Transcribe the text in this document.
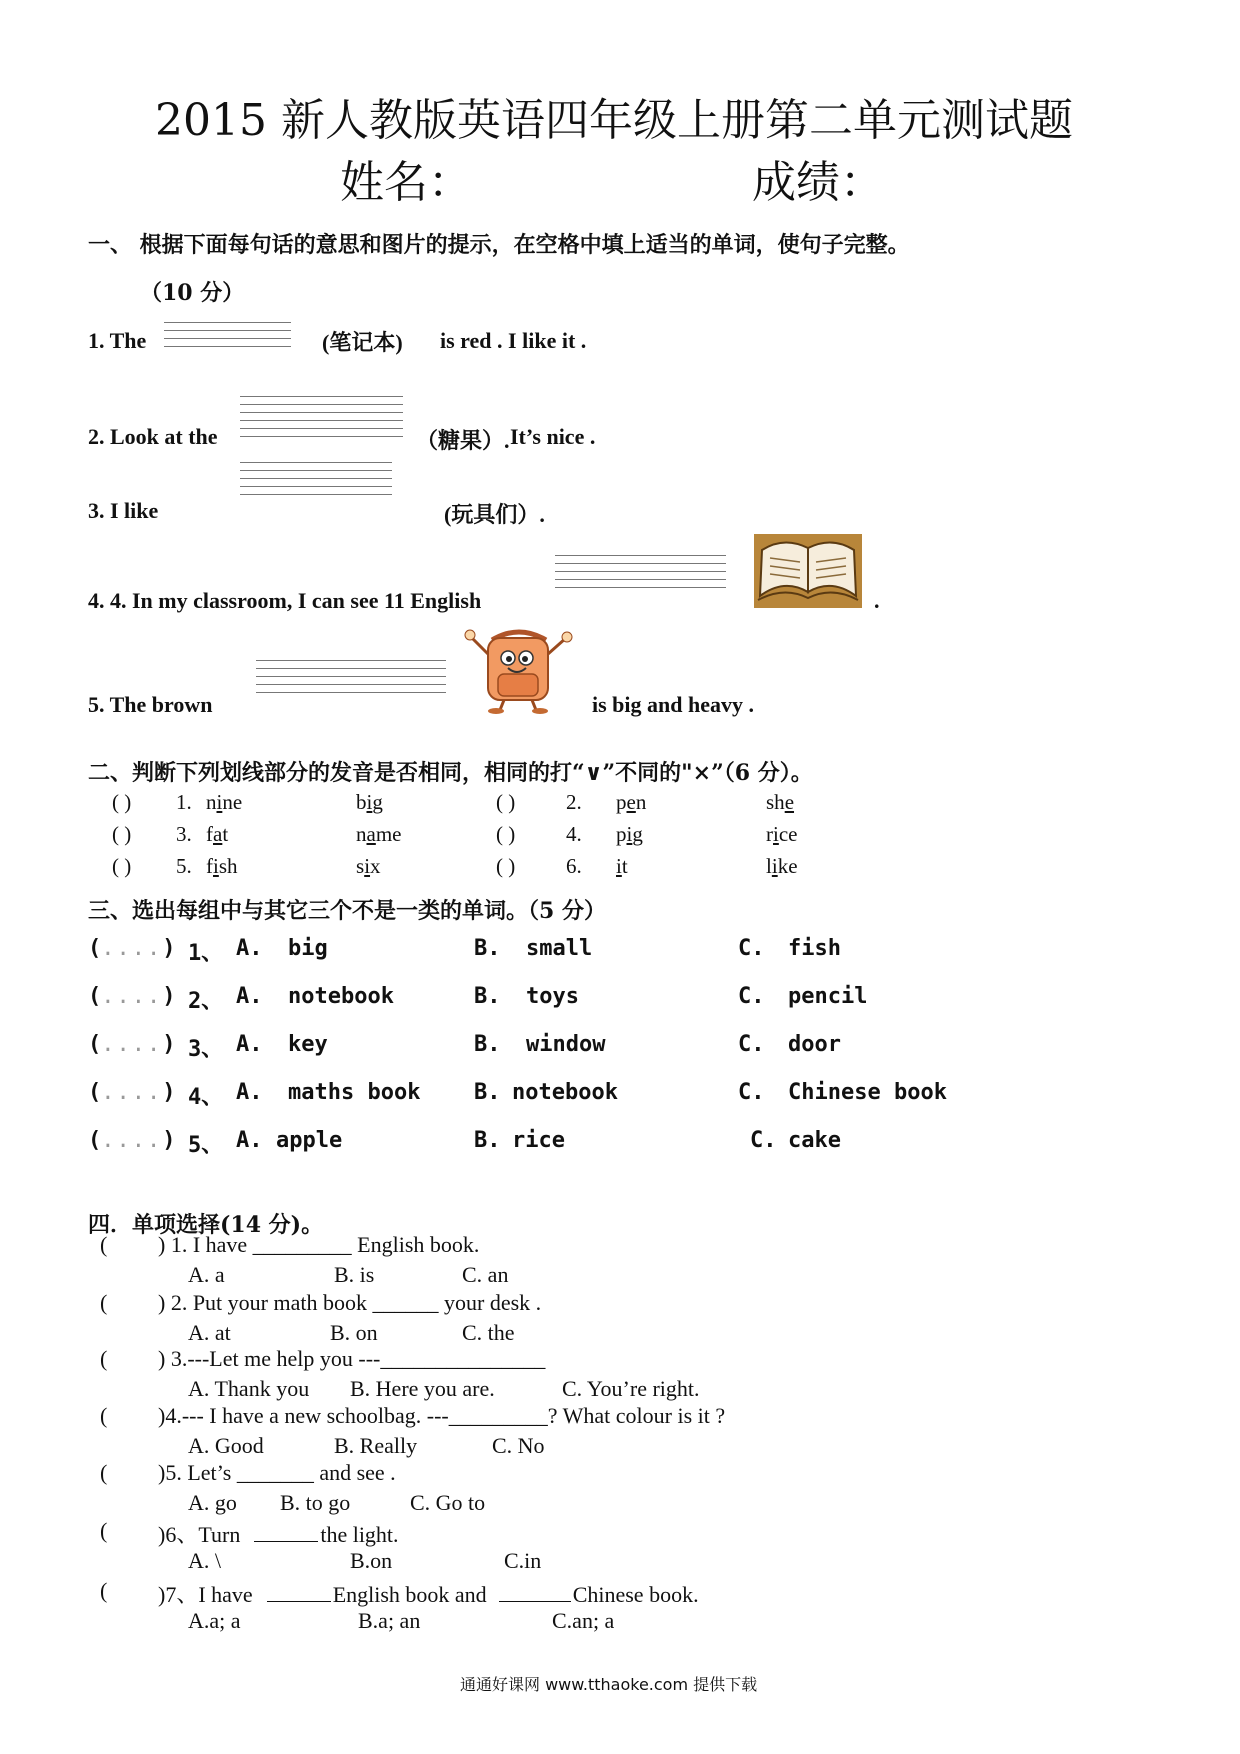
2015 新人教版英语四年级上册第二单元测试题
姓名：	成绩：
一、 根据下面每句话的意思和图片的提示，在空格中填上适当的单词，使句子完整。
（10 分）
1. The	(笔记本) is red . I like it .
2. Look at the	（糖果）. It’s nice .
3. I like	(玩具们）.
4. 4. In my classroom, I can see 11 English	.
5. The brown	is big and heavy .
二、判断下列划线部分的发音是否相同，相同的打“∨”不同的"×”（6 分）。
( ) 1. nine	big	( ) 2. pen	she
( ) 3. fat	name	( ) 4. pig	rice
( ) 5. fish	six	( ) 6. it	like
三、选出每组中与其它三个不是一类的单词。（5 分）
(....) 1、 A. big	B. small	C. fish
(....) 2、 A. notebook	B. toys	C. pencil
(....) 3、 A. key	B. window	C. door
(....) 4、 A. maths book B. notebook	C. Chinese book
(....) 5、 A. apple	B. rice	C. cake
四．单项选择(14 分)。
( ) 1. I have _________ English book.
A. a	B. is	C. an
( ) 2. Put your math book ______ your desk .
A. at	B. on	C. the
( ) 3.---Let me help you ---_______________
A. Thank you B. Here you are.	C. You’re right.
( )4.--- I have a new schoolbag. ---_________? What colour is it ?
A. Good	B. Really	C. No
( )5. Let’s _______ and see .
A. go B. to go	C. Go to
( )6、Turn	the light.
A. \	B.on	C.in
( )7、I have	English book and	Chinese book.
A.a; a	B.a; an	C.an; a
通通好课网 www.tthaoke.com 提供下载
